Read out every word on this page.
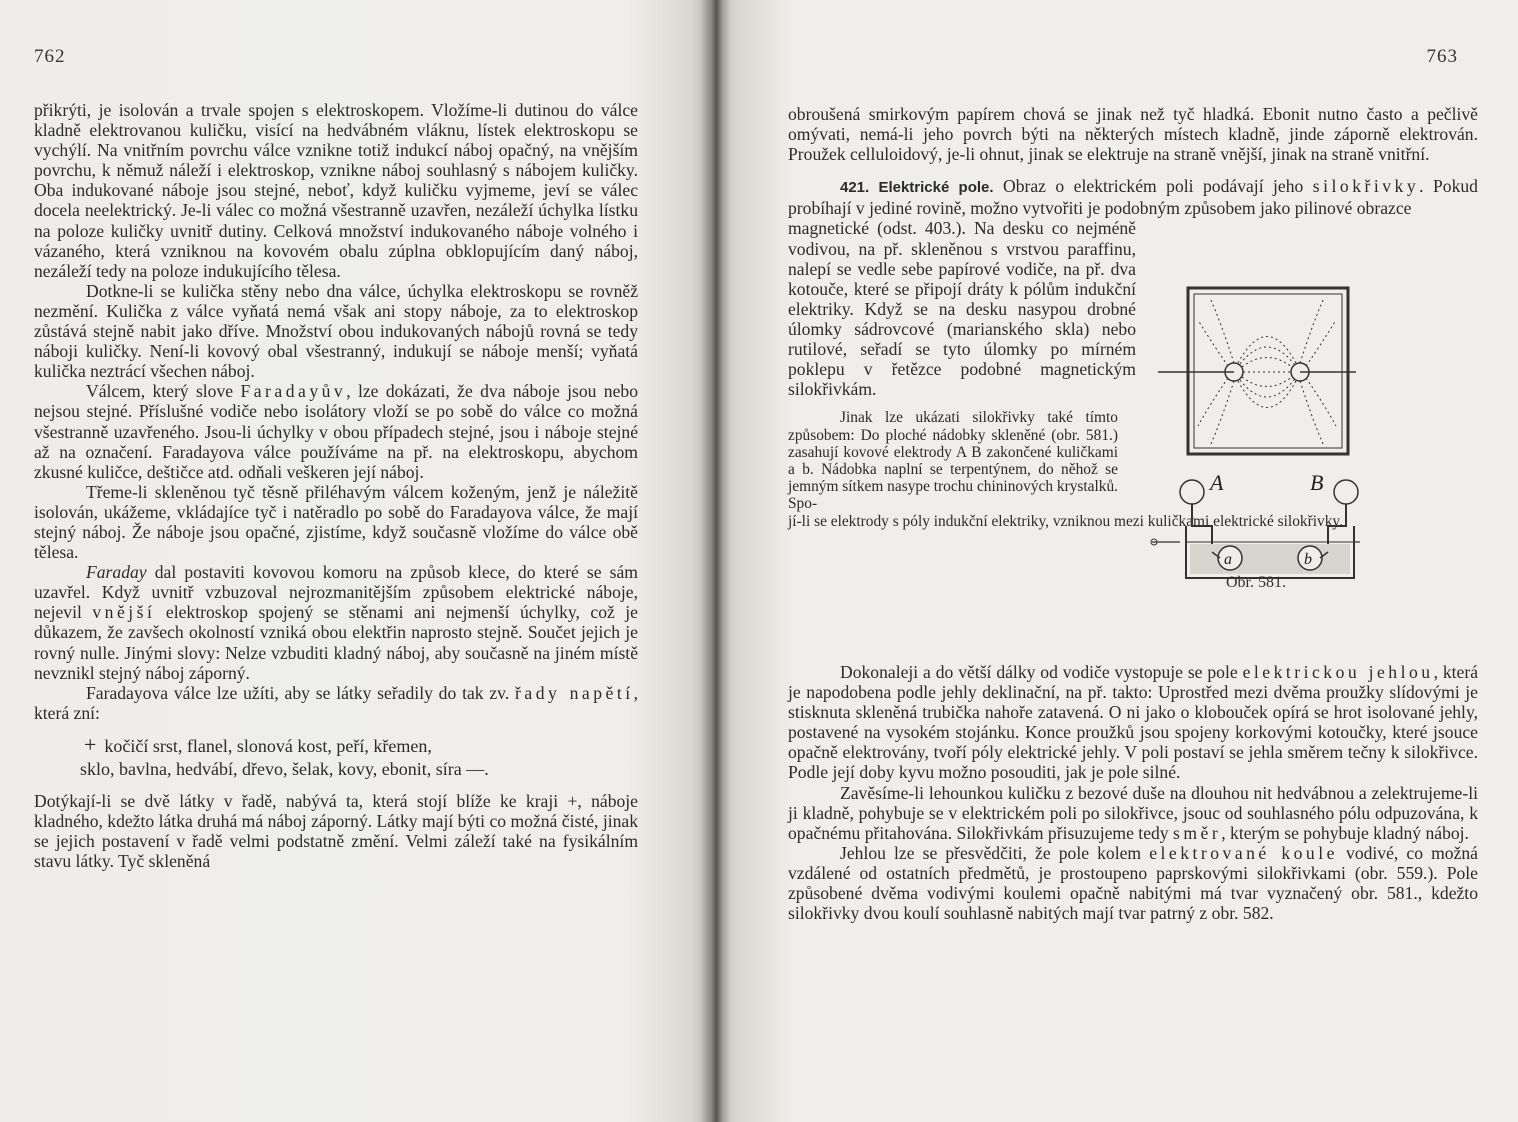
762

přikrýti, je isolován a trvale spojen s elektroskopem. Vložíme-li dutinou do válce kladně elektrovanou kuličku, visící na hedvábném vláknu, lístek elektroskopu se vychýlí. Na vnitřním povrchu válce vznikne totiž indukcí náboj opačný, na vnějším povrchu, k němuž náleží i elektroskop, vznikne náboj souhlasný s nábojem kuličky. Oba indukované náboje jsou stejné, neboť, když kuličku vyjmeme, jeví se válec docela neelektrický. Je-li válec co možná všestranně uzavřen, nezáleží úchylka lístku na poloze kuličky uvnitř dutiny. Celková množství indukovaného náboje volného i vázaného, která vzniknou na kovovém obalu zúplna obklopujícím daný náboj, nezáleží tedy na poloze indukujícího tělesa.

Dotkne-li se kulička stěny nebo dna válce, úchylka elektroskopu se rovněž nezmění. Kulička z válce vyňatá nemá však ani stopy náboje, za to elektroskop zůstává stejně nabit jako dříve. Množství obou indukovaných nábojů rovná se tedy náboji kuličky. Není-li kovový obal všestranný, indukují se náboje menší; vyňatá kulička neztrácí všechen náboj.

Válcem, který slove Faradayův, lze dokázati, že dva náboje jsou nebo nejsou stejné. Příslušné vodiče nebo isolátory vloží se po sobě do válce co možná všestranně uzavřeného. Jsou-li úchylky v obou případech stejné, jsou i náboje stejné až na označení. Faradayova válce používáme na př. na elektroskopu, abychom zkusné kuličce, deštičce atd. odňali veškeren její náboj.

Třeme-li skleněnou tyč těsně přiléhavým válcem koženým, jenž je náležitě isolován, ukážeme, vkládajíce tyč i natěradlo po sobě do Faradayova válce, že mají stejný náboj. Že náboje jsou opačné, zjistíme, když současně vložíme do válce obě tělesa.

Faraday dal postaviti kovovou komoru na způsob klece, do které se sám uzavřel. Když uvnitř vzbuzoval nejrozmanitějším způsobem elektrické náboje, nejevil vnější elektroskop spojený se stěnami ani nejmenší úchylky, což je důkazem, že zavšech okolností vzniká obou elektřin naprosto stejně. Součet jejich je rovný nulle. Jinými slovy: Nelze vzbuditi kladný náboj, aby současně na jiném místě nevznikl stejný náboj záporný.

Faradayova válce lze užíti, aby se látky seřadily do tak zv. řady napětí, která zní:

+ kočičí srst, flanel, slonová kost, peří, křemen,
sklo, bavlna, hedvábí, dřevo, šelak, kovy, ebonit, síra —.

Dotýkají-li se dvě látky v řadě, nabývá ta, která stojí blíže ke kraji +, náboje kladného, kdežto látka druhá má náboj záporný. Látky mají býti co možná čisté, jinak se jejich postavení v řadě velmi podstatně změní. Velmi záleží také na fysikálním stavu látky. Tyč skleněná

763

obroušená smirkovým papírem chová se jinak než tyč hladká. Ebonit nutno často a pečlivě omývati, nemá-li jeho povrch býti na některých místech kladně, jinde záporně elektrován. Proužek celluloidový, je-li ohnut, jinak se elektruje na straně vnější, jinak na straně vnitřní.

421. Elektrické pole. Obraz o elektrickém poli podávají jeho silokřivky. Pokud probíhají v jediné rovině, možno vytvořiti je podobným způsobem jako pilinové obrazce

magnetické (odst. 403.). Na desku co nejméně vodivou, na př. skleněnou s vrstvou paraffinu, nalepí se vedle sebe papírové vodiče, na př. dva kotouče, které se připojí dráty k pólům indukční elektriky. Když se na desku nasypou drobné úlomky sádrovcové (marianského skla) nebo rutilové, seřadí se tyto úlomky po mírném poklepu v řetězce podobné magnetickým silokřivkám.

Jinak lze ukázati silokřivky také tímto způsobem: Do ploché nádobky skleněné (obr. 581.) zasahují kovové elektrody A B zakončené kuličkami a b. Nádobka naplní se terpentýnem, do něhož se jemným sítkem nasype trochu chininových krystalků. Spo-

jí-li se elektrody s póly indukční elektriky, vzniknou mezi kuličkami elektrické silokřivky.

Dokonaleji a do větší dálky od vodiče vystopuje se pole elektrickou jehlou, která je napodobena podle jehly deklinační, na př. takto: Uprostřed mezi dvěma proužky slídovými je stisknuta skleněná trubička nahoře zatavená. O ni jako o klobouček opírá se hrot isolované jehly, postavené na vysokém stojánku. Konce proužků jsou spojeny korkovými kotoučky, které jsouce opačně elektrovány, tvoří póly elektrické jehly. V poli postaví se jehla směrem tečny k silokřivce. Podle její doby kyvu možno posouditi, jak je pole silné.

Zavěsíme-li lehounkou kuličku z bezové duše na dlouhou nit hedvábnou a zelektrujeme-li ji kladně, pohybuje se v elektrickém poli po silokřivce, jsouc od souhlasného pólu odpuzována, k opačnému přitahována. Silokřivkám přisuzujeme tedy směr, kterým se pohybuje kladný náboj.

Jehlou lze se přesvědčiti, že pole kolem elektrované koule vodivé, co možná vzdálené od ostatních předmětů, je prostoupeno paprskovými silokřivkami (obr. 559.). Pole způsobené dvěma vodivými koulemi opačně nabitými má tvar vyznačený obr. 581., kdežto silokřivky dvou koulí souhlasně nabitých mají tvar patrný z obr. 582.

A	B
a	b
Obr. 581.
